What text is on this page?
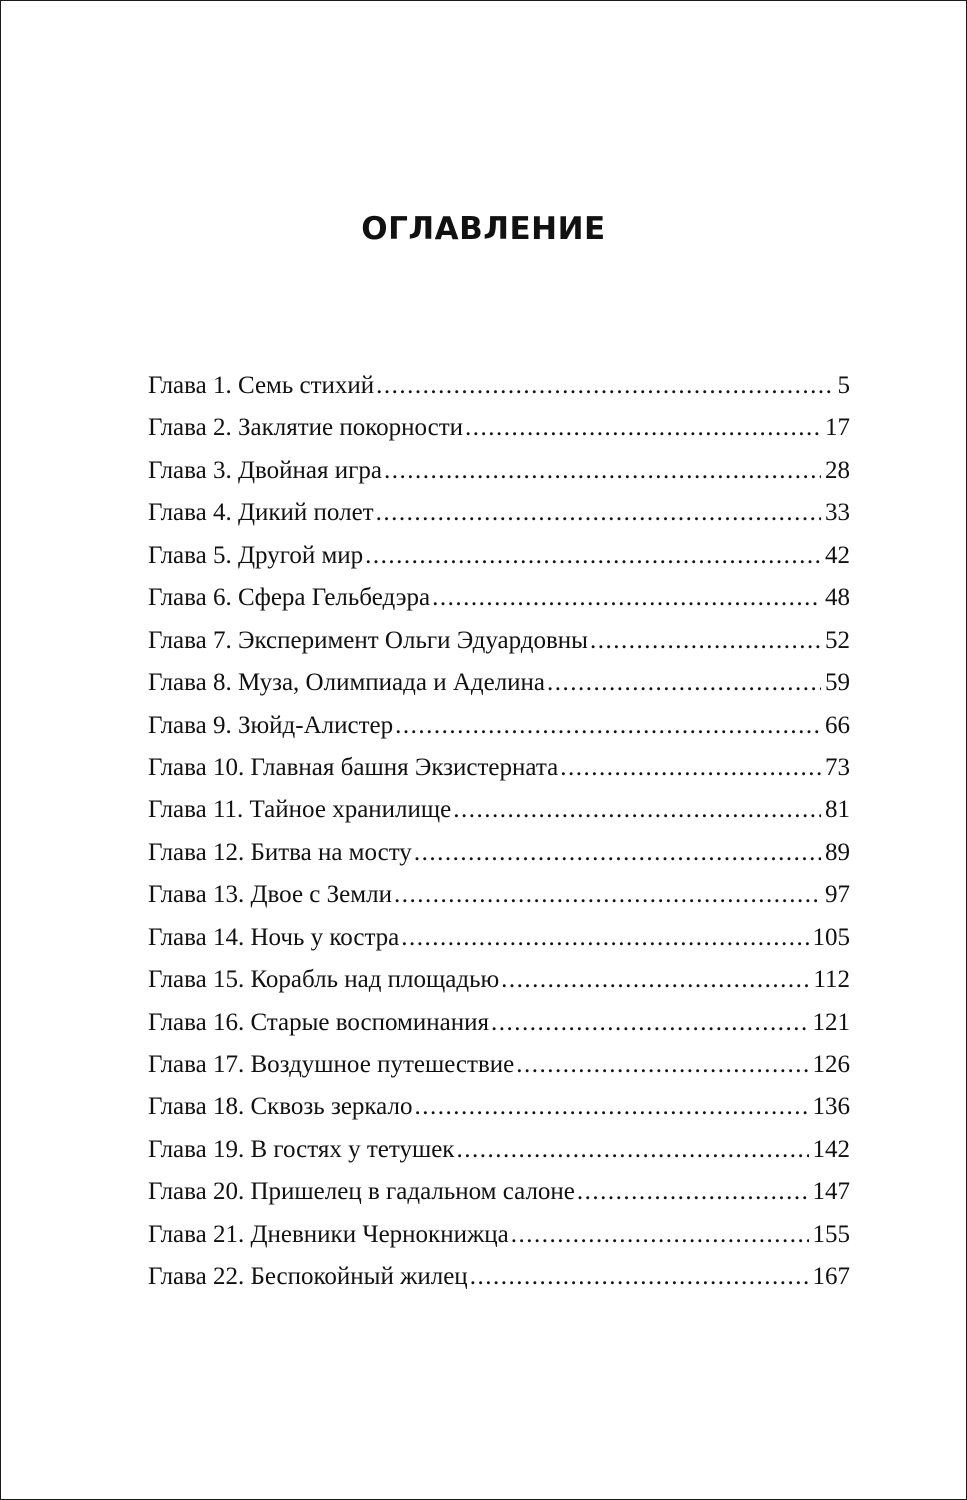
ОГЛАВЛЕНИЕ
Глава 1. Семь стихий .....	5
Глава 2. Заклятие покорности .....	17
Глава 3. Двойная игра .....	28
Глава 4. Дикий полет .....	33
Глава 5. Другой мир .....	42
Глава 6. Сфера Гельбедэра .....	48
Глава 7. Эксперимент Ольги Эдуардовны .....	52
Глава 8. Муза, Олимпиада и Аделина .....	59
Глава 9. Зюйд-Алистер .....	66
Глава 10. Главная башня Экзистерната .....	73
Глава 11. Тайное хранилище .....	81
Глава 12. Битва на мосту .....	89
Глава 13. Двое с Земли .....	97
Глава 14. Ночь у костра .....	105
Глава 15. Корабль над площадью .....	112
Глава 16. Старые воспоминания .....	121
Глава 17. Воздушное путешествие .....	126
Глава 18. Сквозь зеркало .....	136
Глава 19. В гостях у тетушек .....	142
Глава 20. Пришелец в гадальном салоне .....	147
Глава 21. Дневники Чернокнижца .....	155
Глава 22. Беспокойный жилец .....	167
